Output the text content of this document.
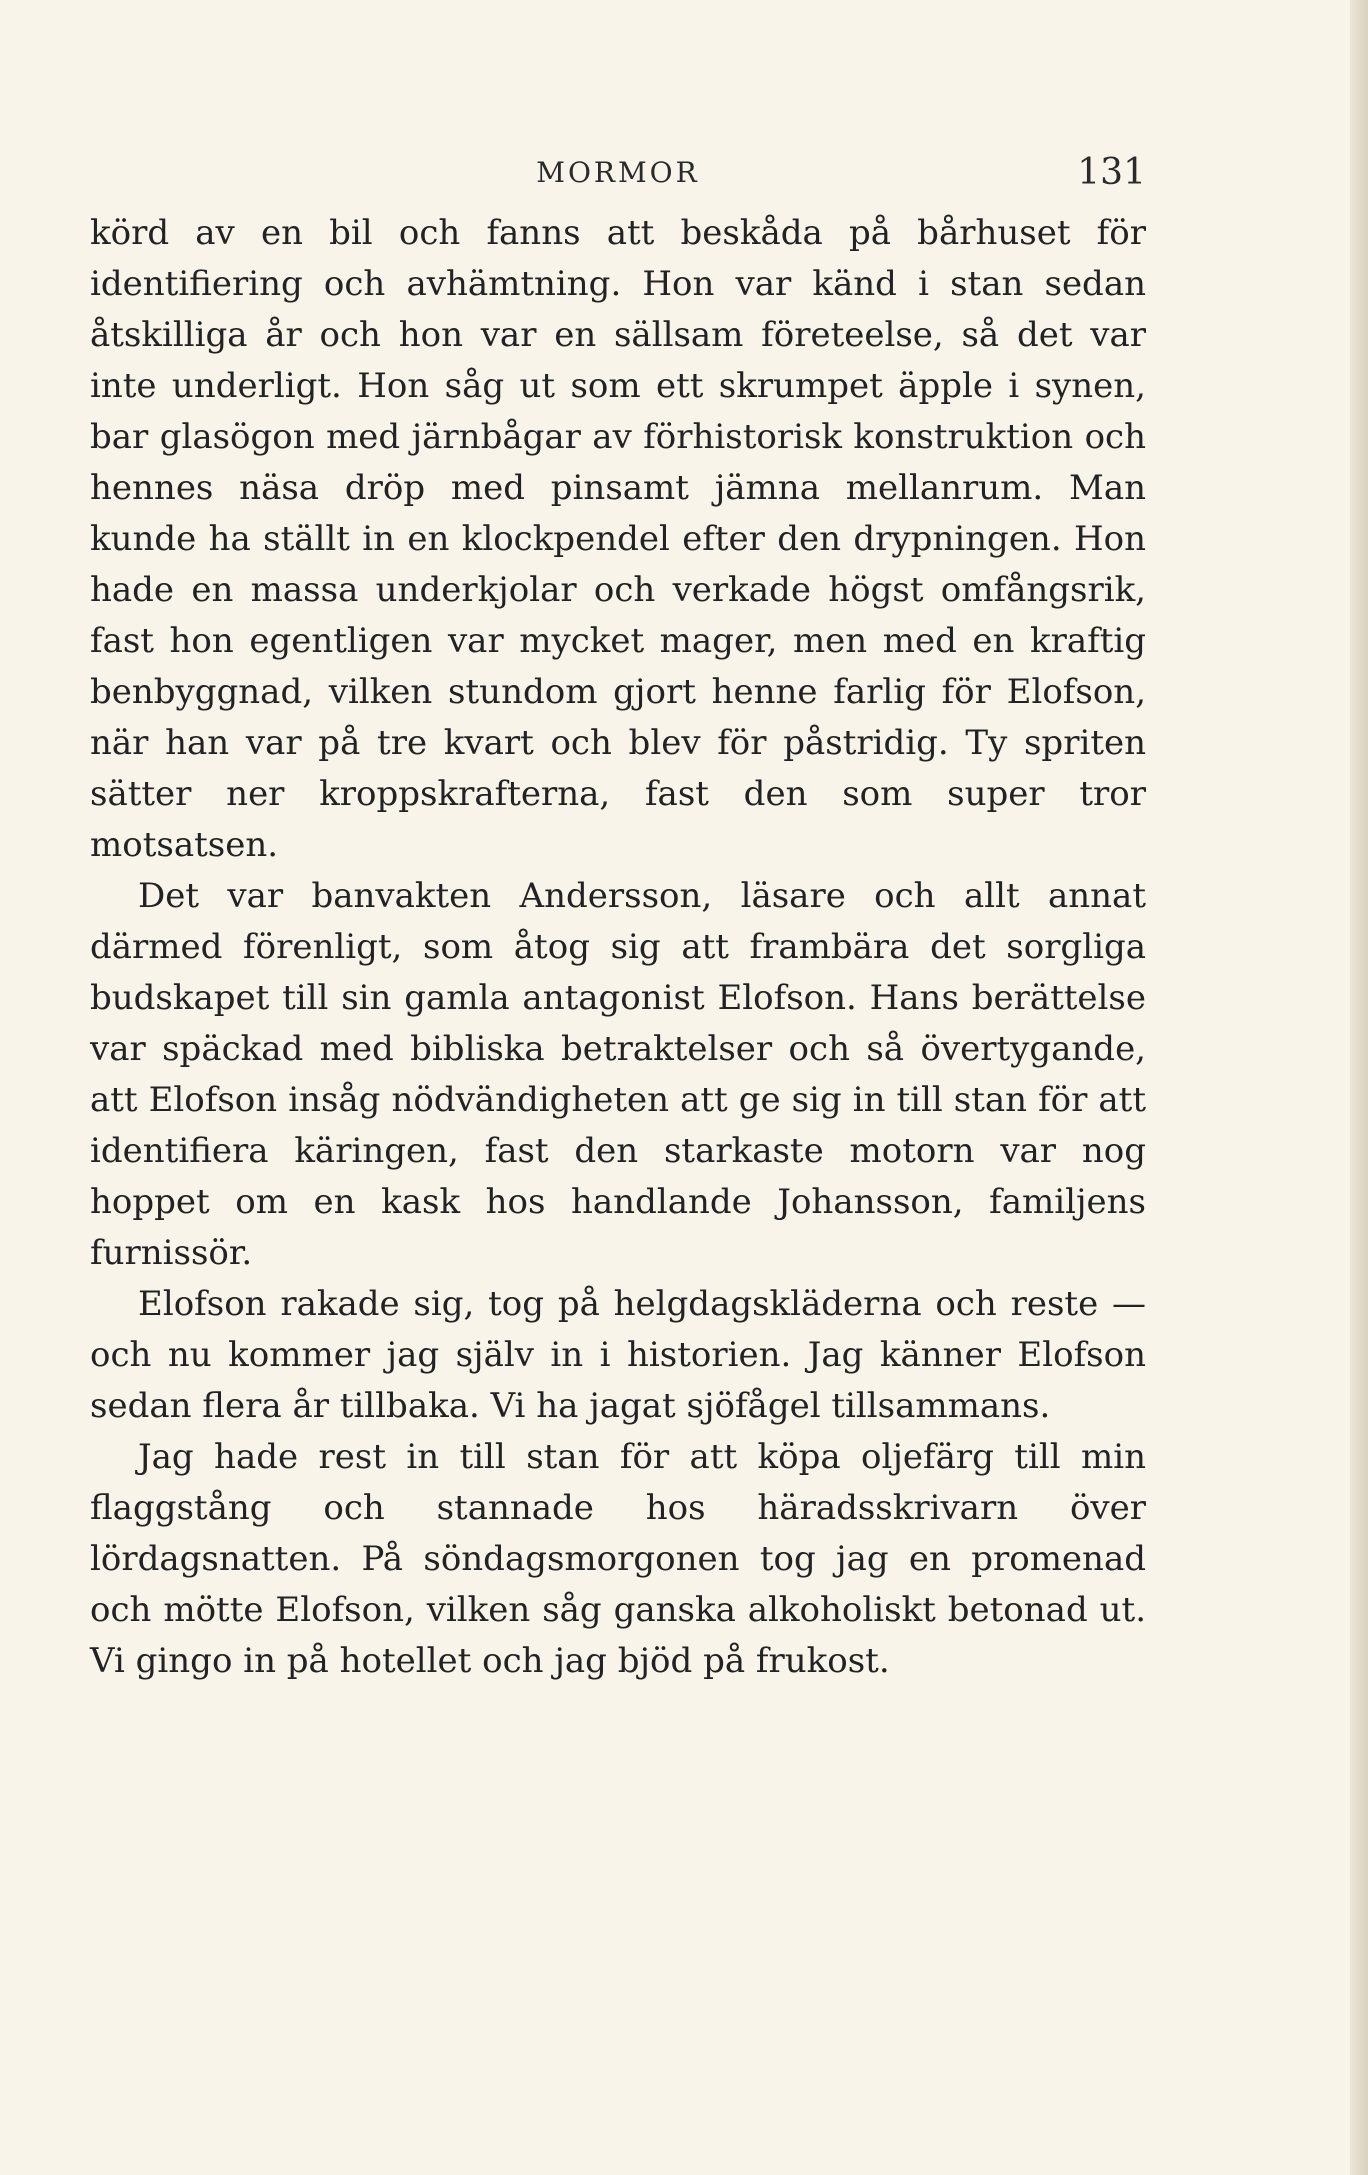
MORMOR	131

körd av en bil och fanns att beskåda på bårhuset för identifiering och avhämtning. Hon var känd i stan sedan åtskilliga år och hon var en sällsam företeelse, så det var inte underligt. Hon såg ut som ett skrumpet äpple i synen, bar glasögon med järnbågar av förhistorisk konstruktion och hennes näsa dröp med pinsamt jämna mellanrum. Man kunde ha ställt in en klockpendel efter den drypningen. Hon hade en massa underkjolar och verkade högst omfångsrik, fast hon egentligen var mycket mager, men med en kraftig benbyggnad, vilken stundom gjort henne farlig för Elofson, när han var på tre kvart och blev för påstridig. Ty spriten sätter ner kroppskrafterna, fast den som super tror motsatsen.

Det var banvakten Andersson, läsare och allt annat därmed förenligt, som åtog sig att frambära det sorgliga budskapet till sin gamla antagonist Elofson. Hans berättelse var späckad med bibliska betraktelser och så övertygande, att Elofson insåg nödvändigheten att ge sig in till stan för att identifiera käringen, fast den starkaste motorn var nog hoppet om en kask hos handlande Johansson, familjens furnissör.

Elofson rakade sig, tog på helgdagskläderna och reste — och nu kommer jag själv in i historien. Jag känner Elofson sedan flera år tillbaka. Vi ha jagat sjöfågel tillsammans.

Jag hade rest in till stan för att köpa oljefärg till min flaggstång och stannade hos häradsskrivarn över lördagsnatten. På söndagsmorgonen tog jag en promenad och mötte Elofson, vilken såg ganska alkoholiskt betonad ut. Vi gingo in på hotellet och jag bjöd på frukost.
